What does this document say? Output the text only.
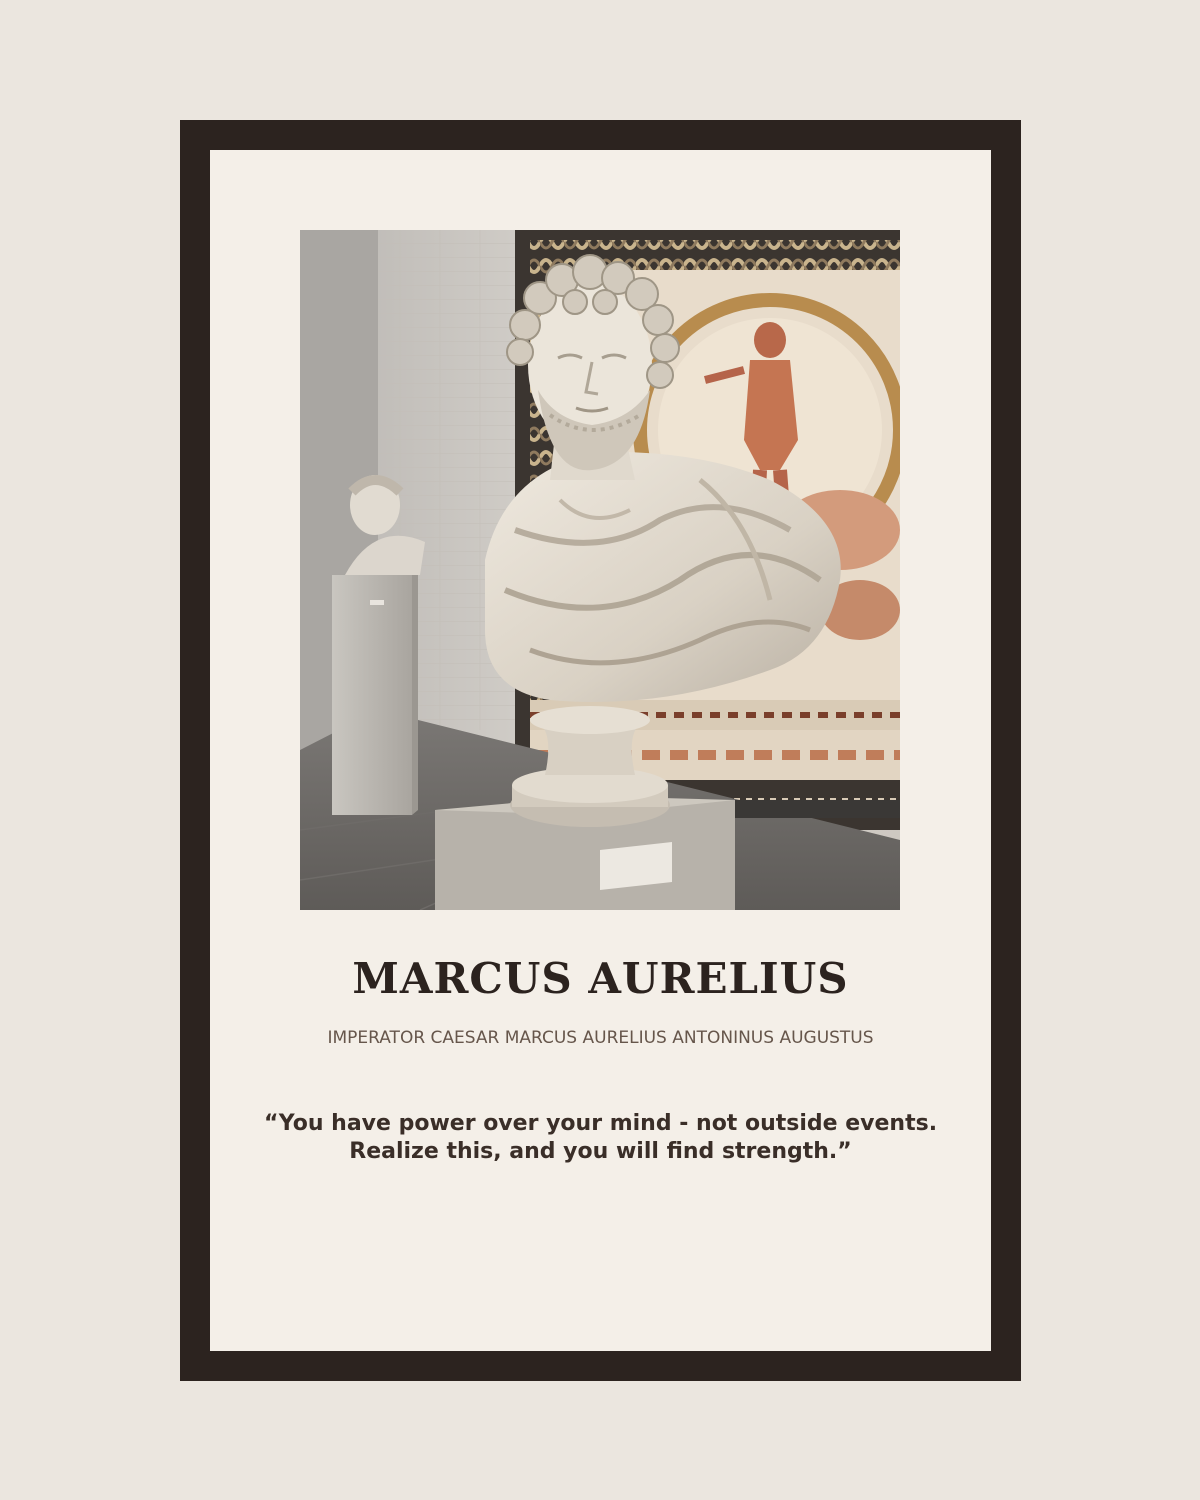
MARCUS AURELIUS

IMPERATOR CAESAR MARCUS AURELIUS ANTONINUS AUGUSTUS

“You have power over your mind - not outside events.
Realize this, and you will find strength.”
